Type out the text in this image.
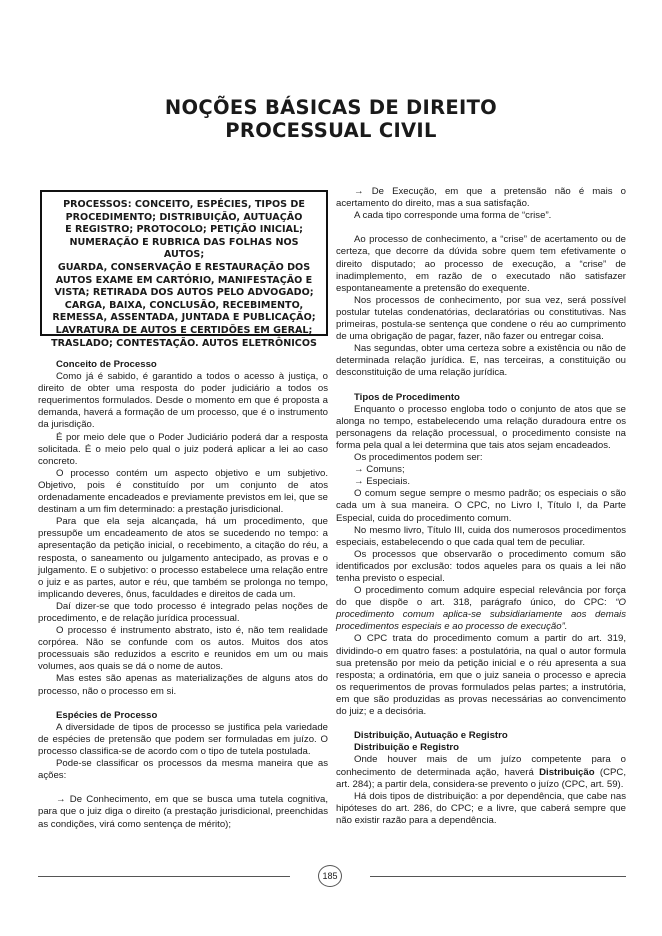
NOÇÕES BÁSICAS DE DIREITO
PROCESSUAL CIVIL
PROCESSOS: CONCEITO, ESPÉCIES, TIPOS DE
PROCEDIMENTO; DISTRIBUIÇÃO, AUTUAÇÃO
E REGISTRO; PROTOCOLO; PETIÇÃO INICIAL;
NUMERAÇÃO E RUBRICA DAS FOLHAS NOS AUTOS;
GUARDA, CONSERVAÇÃO E RESTAURAÇÃO DOS
AUTOS EXAME EM CARTÓRIO, MANIFESTAÇÃO E
VISTA; RETIRADA DOS AUTOS PELO ADVOGADO;
CARGA, BAIXA, CONCLUSÃO, RECEBIMENTO,
REMESSA, ASSENTADA, JUNTADA E PUBLICAÇÃO;
LAVRATURA DE AUTOS E CERTIDÕES EM GERAL;
TRASLADO; CONTESTAÇÃO. AUTOS ELETRÔNICOS

Conceito de Processo

Como já é sabido, é garantido a todos o acesso à justiça, o direito de obter uma resposta do poder judiciário a todos os requerimentos formulados. Desde o momento em que é proposta a demanda, haverá a formação de um processo, que é o instrumento da jurisdição.

É por meio dele que o Poder Judiciário poderá dar a resposta solicitada. É o meio pelo qual o juiz poderá aplicar a lei ao caso concreto.

O processo contém um aspecto objetivo e um subjetivo. Objetivo, pois é constituído por um conjunto de atos ordenadamente encadeados e previamente previstos em lei, que se destinam a um fim determinado: a prestação jurisdicional.

Para que ela seja alcançada, há um procedimento, que pressupõe um encadeamento de atos se sucedendo no tempo: a apresentação da petição inicial, o recebimento, a citação do réu, a resposta, o saneamento ou julgamento antecipado, as provas e o julgamento. E o subjetivo: o processo estabelece uma relação entre o juiz e as partes, autor e réu, que também se prolonga no tempo, implicando deveres, ônus, faculdades e direitos de cada um.

Daí dizer-se que todo processo é integrado pelas noções de procedimento, e de relação jurídica processual.

O processo é instrumento abstrato, isto é, não tem realidade corpórea. Não se confunde com os autos. Muitos dos atos processuais são reduzidos a escrito e reunidos em um ou mais volumes, aos quais se dá o nome de autos.

Mas estes são apenas as materializações de alguns atos do processo, não o processo em si.

Espécies de Processo

A diversidade de tipos de processo se justifica pela variedade de espécies de pretensão que podem ser formuladas em juízo. O processo classifica-se de acordo com o tipo de tutela postulada.

Pode-se classificar os processos da mesma maneira que as ações:

→ De Conhecimento, em que se busca uma tutela cognitiva, para que o juiz diga o direito (a prestação jurisdicional, preenchidas as condições, virá como sentença de mérito);

→ De Execução, em que a pretensão não é mais o acertamento do direito, mas a sua satisfação.

A cada tipo corresponde uma forma de “crise”.

Ao processo de conhecimento, a “crise” de acertamento ou de certeza, que decorre da dúvida sobre quem tem efetivamente o direito disputado; ao processo de execução, a “crise” de inadimplemento, em razão de o executado não satisfazer espontaneamente a pretensão do exequente.

Nos processos de conhecimento, por sua vez, será possível postular tutelas condenatórias, declaratórias ou constitutivas. Nas primeiras, postula-se sentença que condene o réu ao cumprimento de uma obrigação de pagar, fazer, não fazer ou entregar coisa.

Nas segundas, obter uma certeza sobre a existência ou não de determinada relação jurídica. E, nas terceiras, a constituição ou desconstituição de uma relação jurídica.

Tipos de Procedimento

Enquanto o processo engloba todo o conjunto de atos que se alonga no tempo, estabelecendo uma relação duradoura entre os personagens da relação processual, o procedimento consiste na forma pela qual a lei determina que tais atos sejam encadeados.

Os procedimentos podem ser:

→ Comuns;

→ Especiais.

O comum segue sempre o mesmo padrão; os especiais o são cada um à sua maneira. O CPC, no Livro I, Título I, da Parte Especial, cuida do procedimento comum.

No mesmo livro, Título III, cuida dos numerosos procedimentos especiais, estabelecendo o que cada qual tem de peculiar.

Os processos que observarão o procedimento comum são identificados por exclusão: todos aqueles para os quais a lei não tenha previsto o especial.

O procedimento comum adquire especial relevância por força do que dispõe o art. 318, parágrafo único, do CPC: “O procedimento comum aplica-se subsidiariamente aos demais procedimentos especiais e ao processo de execução”.

O CPC trata do procedimento comum a partir do art. 319, dividindo-o em quatro fases: a postulatória, na qual o autor formula sua pretensão por meio da petição inicial e o réu apresenta a sua resposta; a ordinatória, em que o juiz saneia o processo e aprecia os requerimentos de provas formulados pelas partes; a instrutória, em que são produzidas as provas necessárias ao convencimento do juiz; e a decisória.

Distribuição, Autuação e Registro

Distribuição e Registro

Onde houver mais de um juízo competente para o conhecimento de determinada ação, haverá Distribuição (CPC, art. 284); a partir dela, considera-se prevento o juízo (CPC, art. 59).

Há dois tipos de distribuição: a por dependência, que cabe nas hipóteses do art. 286, do CPC; e a livre, que caberá sempre que não existir razão para a dependência.

185
